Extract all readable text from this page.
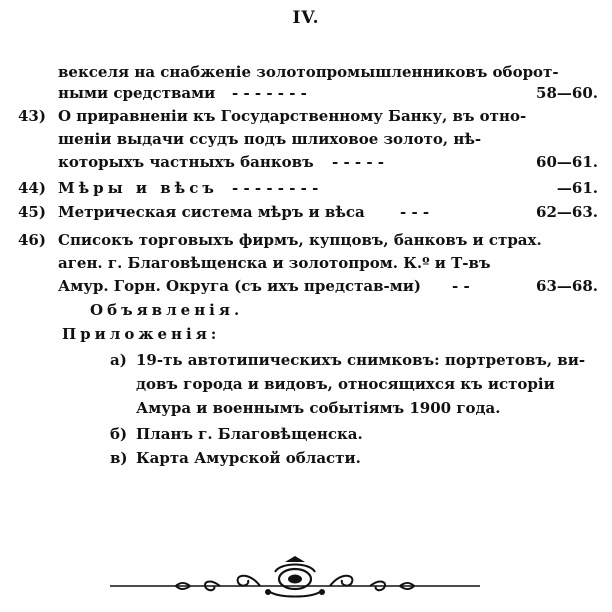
IV.
векселя на снабженіе золотопромышленниковъ оборот-
ными средствами - - - - - - -	58—60.
43) О приравненіи къ Государственному Банку, въ отно-
шеніи выдачи ссудъ подъ шлиховое золото, нѣ-
которыхъ частныхъ банковъ - - - - -	60—61.
44) Мѣры и вѣсъ - - - - - - - -	—61.
45) Метрическая система мѣръ и вѣса - - -	62—63.
46) Списокъ торговыхъ фирмъ, купцовъ, банковъ и страх.
аген. г. Благовѣщенска и золотопром. К.º и Т-въ
Амур. Горн. Округа (съ ихъ представ-ми) - -	63—68.
Объявленія.
Приложенія:
а) 19-ть автотипическихъ снимковъ: портретовъ, ви-
довъ города и видовъ, относящихся къ исторіи
Амура и военнымъ событіямъ 1900 года.
б) Планъ г. Благовѣщенска.
в) Карта Амурской области.
